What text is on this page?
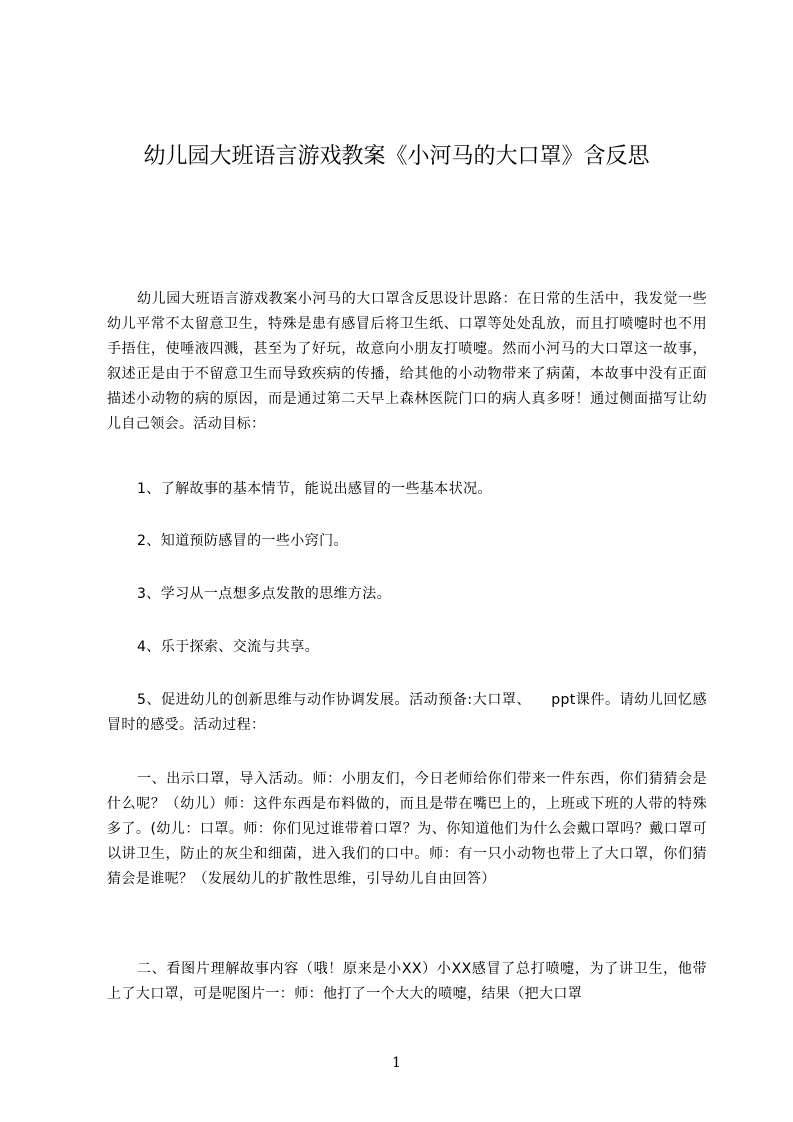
幼儿园大班语言游戏教案《小河马的大口罩》含反思

幼儿园大班语言游戏教案小河马的大口罩含反思设计思路：在日常的生活中，我发觉一些幼儿平常不太留意卫生，特殊是患有感冒后将卫生纸、口罩等处处乱放，而且打喷嚏时也不用手捂住，使唾液四溅，甚至为了好玩，故意向小朋友打喷嚏。然而小河马的大口罩这一故事，叙述正是由于不留意卫生而导致疾病的传播，给其他的小动物带来了病菌，本故事中没有正面描述小动物的病的原因，而是通过第二天早上森林医院门口的病人真多呀！通过侧面描写让幼儿自己领会。活动目标：

1、了解故事的基本情节，能说出感冒的一些基本状况。

2、知道预防感冒的一些小窍门。

3、学习从一点想多点发散的思维方法。

4、乐于探索、交流与共享。

5、促进幼儿的创新思维与动作协调发展。活动预备:大口罩、    ppt课件。请幼儿回忆感冒时的感受。活动过程：

一、出示口罩，导入活动。师：小朋友们，今日老师给你们带来一件东西，你们猜猜会是什么呢？（幼儿）师：这件东西是布料做的，而且是带在嘴巴上的，上班或下班的人带的特殊多了。(幼儿：口罩。师：你们见过谁带着口罩？为、你知道他们为什么会戴口罩吗？戴口罩可以讲卫生，防止的灰尘和细菌，进入我们的口中。师：有一只小动物也带上了大口罩，你们猜猜会是谁呢？（发展幼儿的扩散性思维，引导幼儿自由回答）

二、看图片理解故事内容（哦！原来是小XX）小XX感冒了总打喷嚏，为了讲卫生，他带上了大口罩，可是呢图片一：师：他打了一个大大的喷嚏，结果（把大口罩

1
